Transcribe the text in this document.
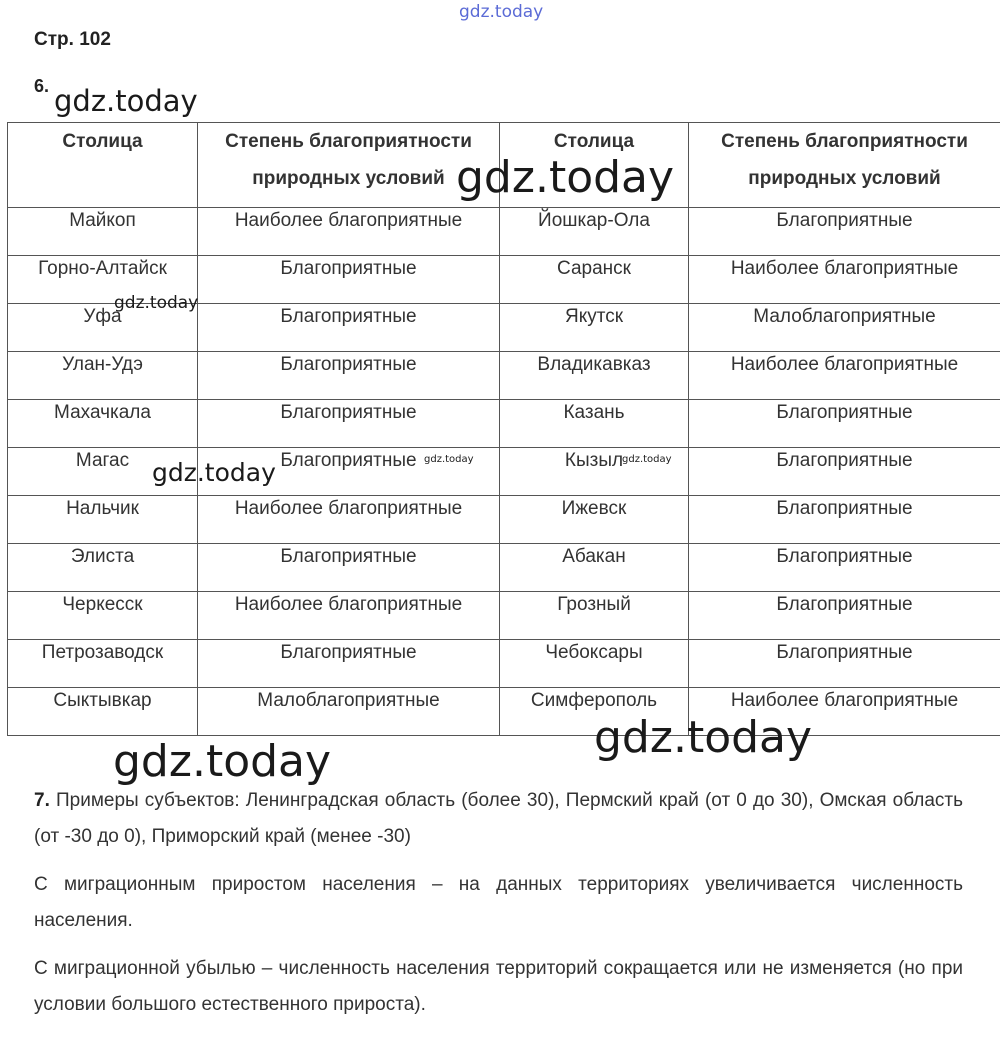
Стр. 102
6.
Столица	Степень благоприятности природных условий	Столица	Степень благоприятности природных условий
Майкоп	Наиболее благоприятные	Йошкар-Ола	Благоприятные
Горно-Алтайск	Благоприятные	Саранск	Наиболее благоприятные
Уфа	Благоприятные	Якутск	Малоблагоприятные
Улан-Удэ	Благоприятные	Владикавказ	Наиболее благоприятные
Махачкала	Благоприятные	Казань	Благоприятные
Магас	Благоприятные	Кызыл	Благоприятные
Нальчик	Наиболее благоприятные	Ижевск	Благоприятные
Элиста	Благоприятные	Абакан	Благоприятные
Черкесск	Наиболее благоприятные	Грозный	Благоприятные
Петрозаводск	Благоприятные	Чебоксары	Благоприятные
Сыктывкар	Малоблагоприятные	Симферополь	Наиболее благоприятные

7. Примеры субъектов: Ленинградская область (более 30), Пермский край (от 0 до 30), Омская область (от -30 до 0), Приморский край (менее -30)

С миграционным приростом населения – на данных территориях увеличивается численность населения.

С миграционной убылью – численность населения территорий сокращается или не изменяется (но при условии большого естественного прироста).

gdz.today
gdz.today
gdz.today
gdz.today
gdz.today	gdz.today	gdz.today
gdz.today
gdz.today
